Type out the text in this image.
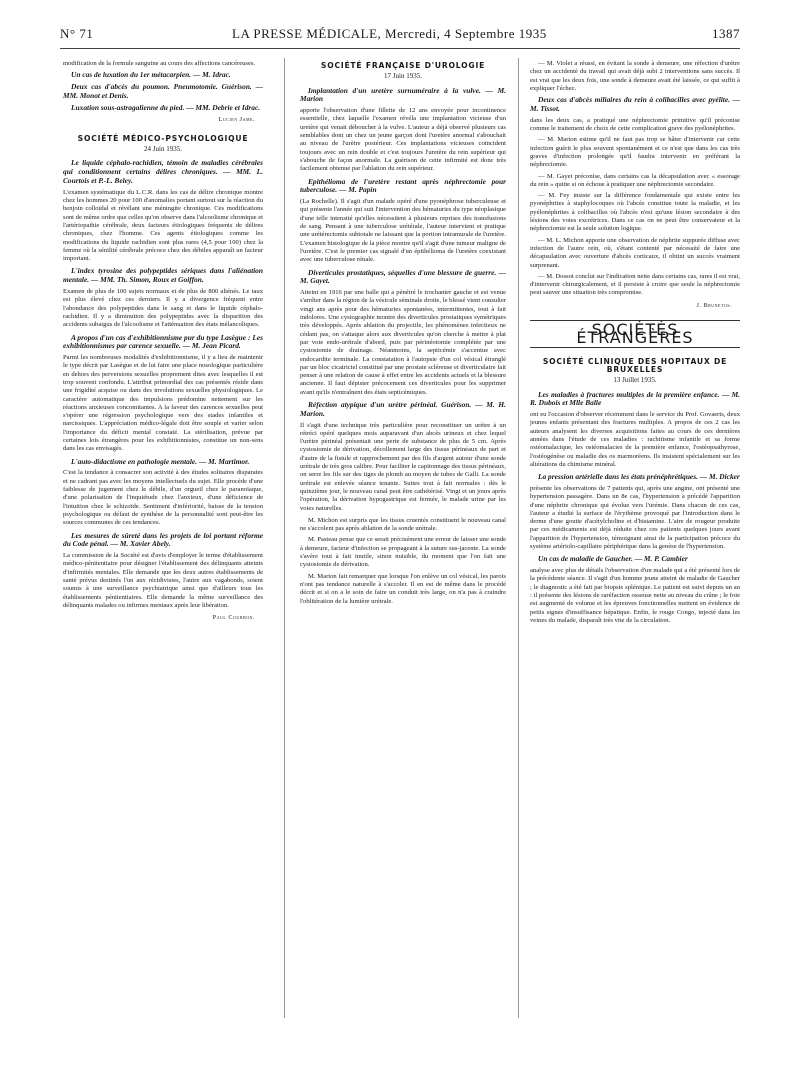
N° 71	LA PRESSE MÉDICALE, Mercredi, 4 Septembre 1935	1387

modification de la formule sanguine au cours des affections cancéreuses.

Un cas de luxation du 1er métacarpien. — M. Idrac.

Deux cas d'abcès du poumon. Pneumotomie. Guérison. — MM. Monot et Denis.

Luxation sous-astragalienne du pied. — MM. Debrie et Idrac.

Lucien Jame.
SOCIÉTÉ MÉDICO-PSYCHOLOGIQUE
24 Juin 1935.

Le liquide céphalo-rachidien, témoin de maladies cérébrales qui conditionnent certains délires chroniques. — MM. L. Courtois et P.-L. Beley.

L'examen systématique du L.C.R. dans les cas de délire chronique montre chez les hommes 20 pour 100 d'anomalies portant surtout sur la réaction du benjoin colloïdal et révélant une méningite chronique. Ces modifications sont de même ordre que celles qu'on observe dans l'alcoolisme chronique et l'artériopathie cérébrale, deux facteurs étiologiques fréquents de délires chroniques, chez l'homme. Ces agents étiologiques comme les modifications du liquide rachidien sont plus rares (4,5 pour 100) chez la femme où la sénilité cérébrale précoce chez des débiles apparaît un facteur important.

L'index tyrosine des polypeptides sériques dans l'aliénation mentale. — MM. Th. Simon, Roux et Goiffon.

Examen de plus de 100 sujets normaux et de plus de 800 aliénés. Le taux est plus élevé chez ces derniers. Il y a divergence fréquent entre l'abondance des polypeptides dans le sang et dans le liquide céphalo-rachidien. Il y a diminution des polypeptides avec la disparition des accidents subaigus de l'alcoolisme et l'atténuation des états mélancoliques.

A propos d'un cas d'exhibitionnisme pur du type Lasègue : Les exhibitionnismes par carence sexuelle. — M. Jean Picard.

Parmi les nombreuses modalités d'exhibitionnisme, il y a lieu de maintenir le type décrit par Lasègue et de lui faire une place nosologique particulière en dehors des perversions sexuelles proprement dites avec lesquelles il est trop souvent confondu. L'attribut primordial des cas présentés réside dans une frigidité acquise ou dans des involutions sexuelles physiologiques. Le caractère automatique des impulsions prédomine nettement sur les réactions anxieuses concomitantes. A la faveur des carences sexuelles peut s'opérer une régression psychologique vers des stades infantiles et narcissiques. L'appréciation médico-légale doit être souple et varier selon l'importance du déficit mental constaté. La stérilisation, prévue par certaines lois étrangères pour les exhibitionnistes, constitue un non-sens dans les cas envisagés.

L'auto-didactisme en pathologie mentale. — M. Martimor.

C'est la tendance à consacrer son activité à des études solitaires disparates et ne cadrant pas avec les moyens intellectuels du sujet. Elle procède d'une faiblesse de jugement chez le débile, d'un orgueil chez le paranoïaque, d'une polarisation de l'inquiétude chez l'anxieux, d'une déficience de l'intuition chez le schizoïde. Sentiment d'infériorité, baisse de la tension psychologique ou défaut de synthèse de la personnalité sont peut-être les sources communes de ces tendances.

Les mesures de sûreté dans les projets de loi portant réforme du Code pénal. — M. Xavier Abely.

La commission de la Société est d'avis d'employer le terme d'établissement médico-pénitentiaire pour désigner l'établissement des délinquants atteints d'infirmités mentales. Elle demande que les deux autres établissements de santé prévus destinés l'un aux récidivistes, l'autre aux vagabonds, soient soumis à une surveillance psychiatrique ainsi que d'ailleurs tous les établissements pénitentiaires. Elle demande la même surveillance des délinquants malades ou infirmes mentaux après leur libération.

Paul Courbon.
SOCIÉTÉ FRANÇAISE D'UROLOGIE
17 Juin 1935.

Implantation d'un uretère surnuméraire à la vulve. — M. Marion

apporte l'observation d'une fillette de 12 ans envoyée pour incontinence essentielle, chez laquelle l'examen révéla une implantation vicieuse d'un uretère qui venait déboucher à la vulve. L'auteur a déjà observé plusieurs cas semblables dont un chez un jeune garçon dont l'uretère anormal s'abouchait au niveau de l'urètre postérieur. Ces implantations vicieuses coïncident toujours avec un rein double et c'est toujours l'uretère du rein supérieur qui s'abouche de façon anormale. La guérison de cette infirmité est donc très facilement obtenue par l'ablation du rein supérieur.

Epithélioma de l'uretère restant après néphrectomie pour tuberculose. — M. Papin

(La Rochelle). Il s'agit d'un malade opéré d'une pyonéphrose tuberculeuse et qui présente l'année qui suit l'intervention des hématuries du type néoplasique d'une telle intensité qu'elles nécessitent à plusieurs reprises des transfusions de sang. Pensant à une tuberculose urétérale, l'auteur intervient et pratique une urétérectomie subtotale ne laissant que la portion intramurale de l'uretère. L'examen histologique de la pièce montre qu'il s'agit d'une tumeur maligne de l'uretère. C'est le premier cas signalé d'un épithélioma de l'uretère coexistant avec une tuberculose rénale.

Diverticules prostatiques, séquelles d'une blessure de guerre. — M. Gayet.

Atteint en 1916 par une balle qui a pénétré le trochanter gauche et est venue s'arrêter dans la région de la vésicule séminale droite, le blessé vient consulter vingt ans après pour des hématuries spontanées, intermittentes, tout à fait indolores. Une cystographie montre des diverticules prostatiques symétriques très développés. Après ablation du projectile, les phénomènes infectieux ne cédant pas, on s'attaque alors aux diverticules qu'on cherche à mettre à plat par voie endo-urétrale d'abord, puis par périnéotomie complétée par une cystostomie de drainage. Néanmoins, la septicémie s'accentue avec endocardite terminale. La constatation à l'autopsie d'un col vésical étranglé par un bloc cicatriciel constitué par une prostate scléreuse et diverticulaire fait penser à une relation de cause à effet entre les accidents actuels et la blessure ancienne. Il faut dépister précocement ces diverticules pour les supprimer avant qu'ils n'entraînent des états septicémiques.

Réfection atypique d'un urètre périnéal. Guérison. — M. H. Marion.

Il s'agit d'une technique très particulière pour reconstituer un urètre à un rétréci opéré quelques mois auparavant d'un abcès urineux et chez lequel l'urètre périnéal présentait une perte de substance de plus de 5 cm. Après cystostomie de dérivation, décollement large des tissus périnéaux de part et d'autre de la fistule et rapprochement par des fils d'argent autour d'une sonde urétrale de très gros calibre. Pour faciliter le capitonnage des tissus périnéaux, on serre les fils sur des tiges de plomb au moyen de tubes de Galli. La sonde urétrale est enlevée séance tenante. Suites tout à fait normales : dès le quinzième jour, le nouveau canal peut être cathétérisé. Vingt et un jours après l'opération, la dérivation hypogastrique est fermée, le malade urine par les voies naturelles.

M. Michon est surpris que les tissus cruentés constituent le nouveau canal ne s'accolent pas après ablation de la sonde urétrale.

M. Pasteau pense que ce serait précisément une erreur de laisser une sonde à demeure, facteur d'infection se propageant à la suture sus-jacente. La sonde s'avère tout à fait inutile, sinon nuisible, du moment que l'on fait une cystostomie de dérivation.

M. Marion fait remarquer que lorsque l'on enlève un col vésical, les parois n'ont pas tendance naturelle à s'accoler. Il en est de même dans le procédé décrit et si on a le soin de faire un conduit très large, on n'a pas à craindre l'oblitération de la lumière urétrale.

— M. Violet a réussi, en évitant la sonde à demeure, une réfection d'urètre chez un accidenté du travail qui avait déjà subi 2 interventions sans succès. Il est vrai que les deux fois, une sonde à demeure avait été laissée, ce qui suffit à expliquer l'échec.

Deux cas d'abcès miliaires du rein à colibacilles avec pyélite. — M. Tissot.

dans les deux cas, a pratiqué une néphrectomie primitive qu'il préconise comme le traitement de choix de cette complication grave des pyélonéphrites.

— M. Marion estime qu'il ne faut pas trop se hâter d'intervenir car cette infection guérit le plus souvent spontanément et ce n'est que dans les cas très graves d'infection prolongée qu'il faudra intervenir en préférant la néphrectomie.

— M. Gayet préconise, dans certains cas la décapsulation avec « essorage du rein » quitte si on échoue à pratiquer une néphrectomie secondaire.

— M. Fey insiste sur la différence fondamentale qui existe entre les pyonéphrites à staphylocoques où l'abcès constitue toute la maladie, et les pyélonéphrites à colibacilles où l'abcès n'est qu'une lésion secondaire à des lésions des voies excrétrices. Dans ce cas on ne peut être conservateur et la néphrectomie est la seule solution logique.

— M. L. Michon apporte une observation de néphrite suppurée diffuse avec infection de l'autre rein, où, s'étant contenté par nécessité de faire une décapsulation avec ouverture d'abcès corticaux, il obtint un succès vraiment surprenant.

— M. Dossot conclut sur l'indication nette dans certains cas, rares il est vrai, d'intervenir chirurgicalement, et il persiste à croire que seule la néphrectomie peut sauver une situation très compromise.

J. Brunetos.
SOCIÉTÉS ÉTRANGÈRES
SOCIÉTÉ CLINIQUE DES HOPITAUX DE BRUXELLES
13 Juillet 1935.

Les maladies à fractures multiples de la première enfance. — M. R. Dubois et Mlle Balle

ont eu l'occasion d'observer récemment dans le service du Prof. Govaerts, deux jeunes enfants présentant des fractures multiples. A propos de ces 2 cas les auteurs analysent les diverses acquisitions faites au cours de ces dernières années dans l'étude de ces maladies : rachitisme infantile et sa forme ostéomalacique, les ostéomalacies de la première enfance, l'ostéopsathyrose, l'ostéogénèse ou maladie des os marmoréens. Ils insistent spécialement sur les altérations du chimisme minéral.

La pression artérielle dans les états prénéphrétiques. — M. Dicker

présente les observations de 7 patients qui, après une angine, ont présenté une hypertension passagère. Dans un 8e cas, l'hypertension a précédé l'apparition d'une néphrite chronique qui évolue vers l'urémie. Dans chacun de ces cas, l'auteur a étudié la surface de l'érythème provoqué par l'introduction dans le derme d'une goutte d'acétylcholine et d'histamine. L'aire de rougeur produite par ces médicaments est déjà réduite chez ces patients quelques jours avant l'apparition de l'hypertension, témoignant ainsi de la participation précoce du système artériolo-capillaire périphérique dans la genèse de l'hypertension.

Un cas de maladie de Gaucher. — M. P. Cambier

analyse avec plus de détails l'observation d'un malade qui a été présenté lors de la précédente séance. Il s'agit d'un homme jeune atteint de maladie de Gaucher ; le diagnostic a été fait par biopsie splénique. Le patient est suivi depuis un an : il présente des lésions de raréfaction osseuse nette au niveau du crâne ; le foie est augmenté de volume et les épreuves fonctionnelles mettent en évidence de petits signes d'insuffisance hépatique. Enfin, le rouge Congo, injecté dans les veines du malade, disparaît très vite de la circulation.
